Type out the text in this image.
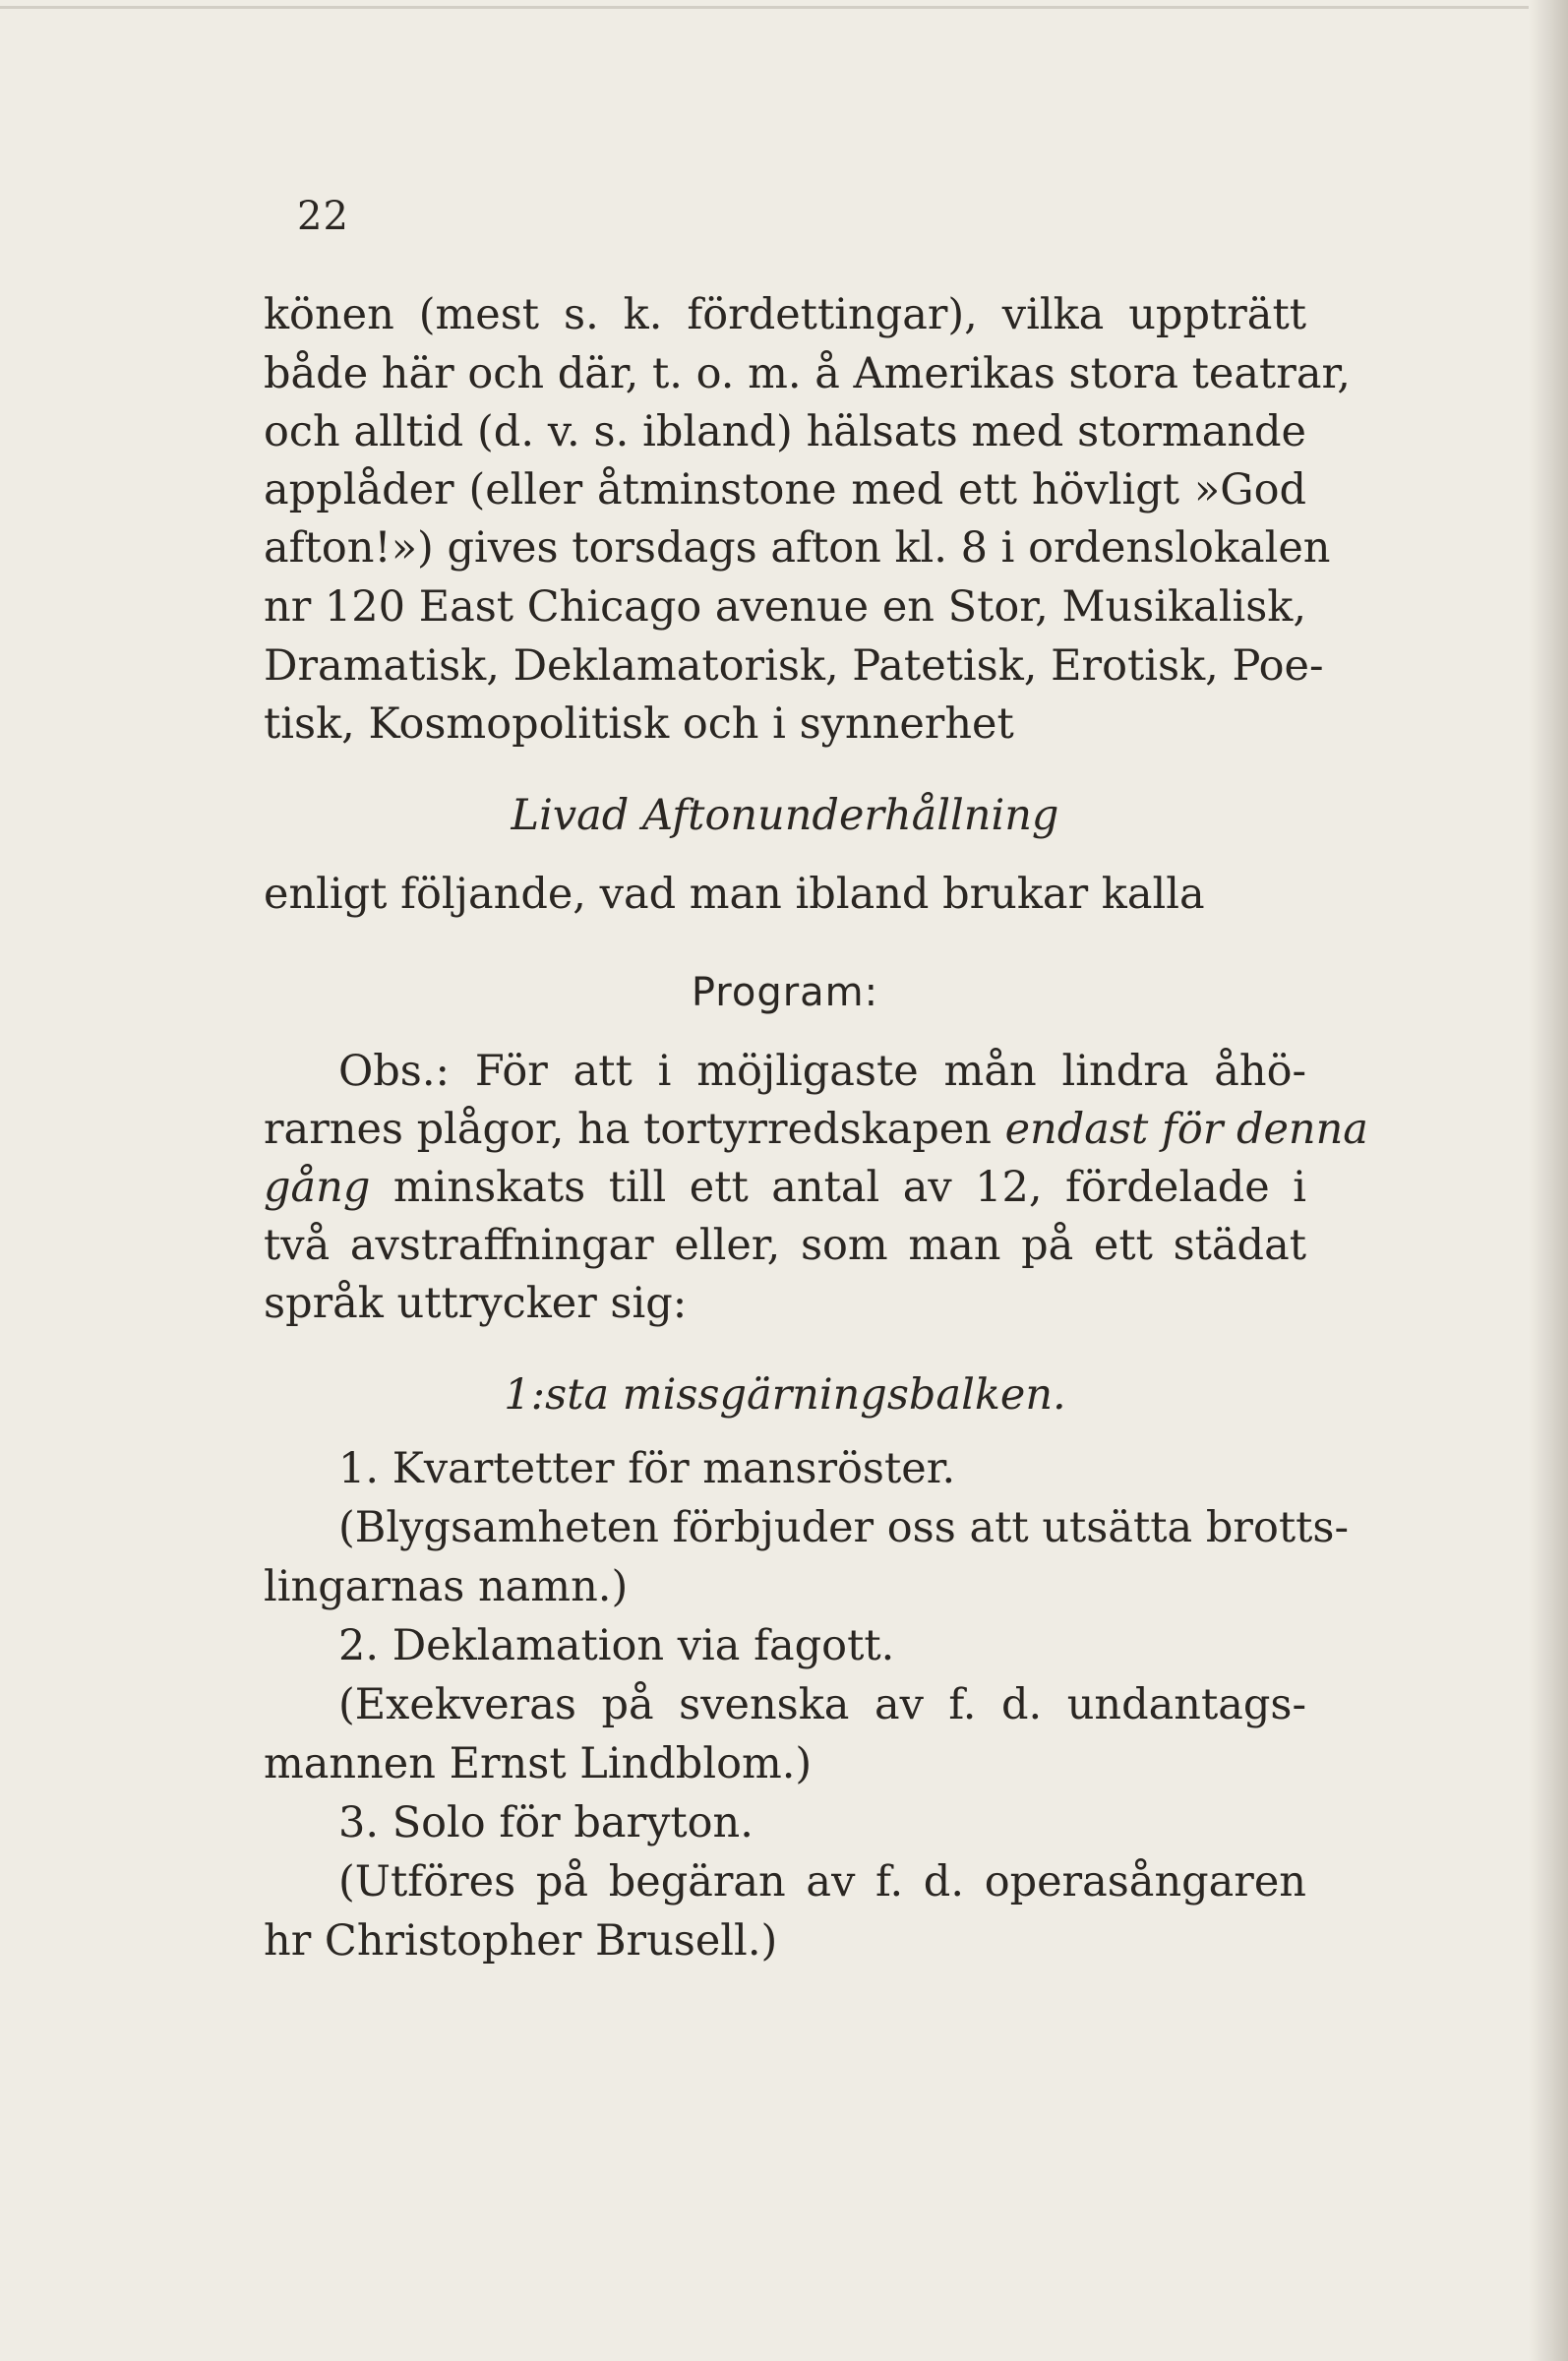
22
könen (mest s. k. fördettingar), vilka uppträtt
både här och där, t. o. m. å Amerikas stora teatrar,
och alltid (d. v. s. ibland) hälsats med stormande
applåder (eller åtminstone med ett hövligt »God
afton!») gives torsdags afton kl. 8 i ordenslokalen
nr 120 East Chicago avenue en Stor, Musikalisk,
Dramatisk, Deklamatorisk, Patetisk, Erotisk, Poe-
tisk, Kosmopolitisk och i synnerhet
Livad Aftonunderhållning
enligt följande, vad man ibland brukar kalla
Program:
Obs.: För att i möjligaste mån lindra åhö-
rarnes plågor, ha tortyrredskapen endast för denna
gång minskats till ett antal av 12, fördelade i
två avstraffningar eller, som man på ett städat
språk uttrycker sig:
1:sta missgärningsbalken.
1. Kvartetter för mansröster.
(Blygsamheten förbjuder oss att utsätta brotts-
lingarnas namn.)
2. Deklamation via fagott.
(Exekveras på svenska av f. d. undantags-
mannen Ernst Lindblom.)
3. Solo för baryton.
(Utföres på begäran av f. d. operasångaren
hr Christopher Brusell.)
